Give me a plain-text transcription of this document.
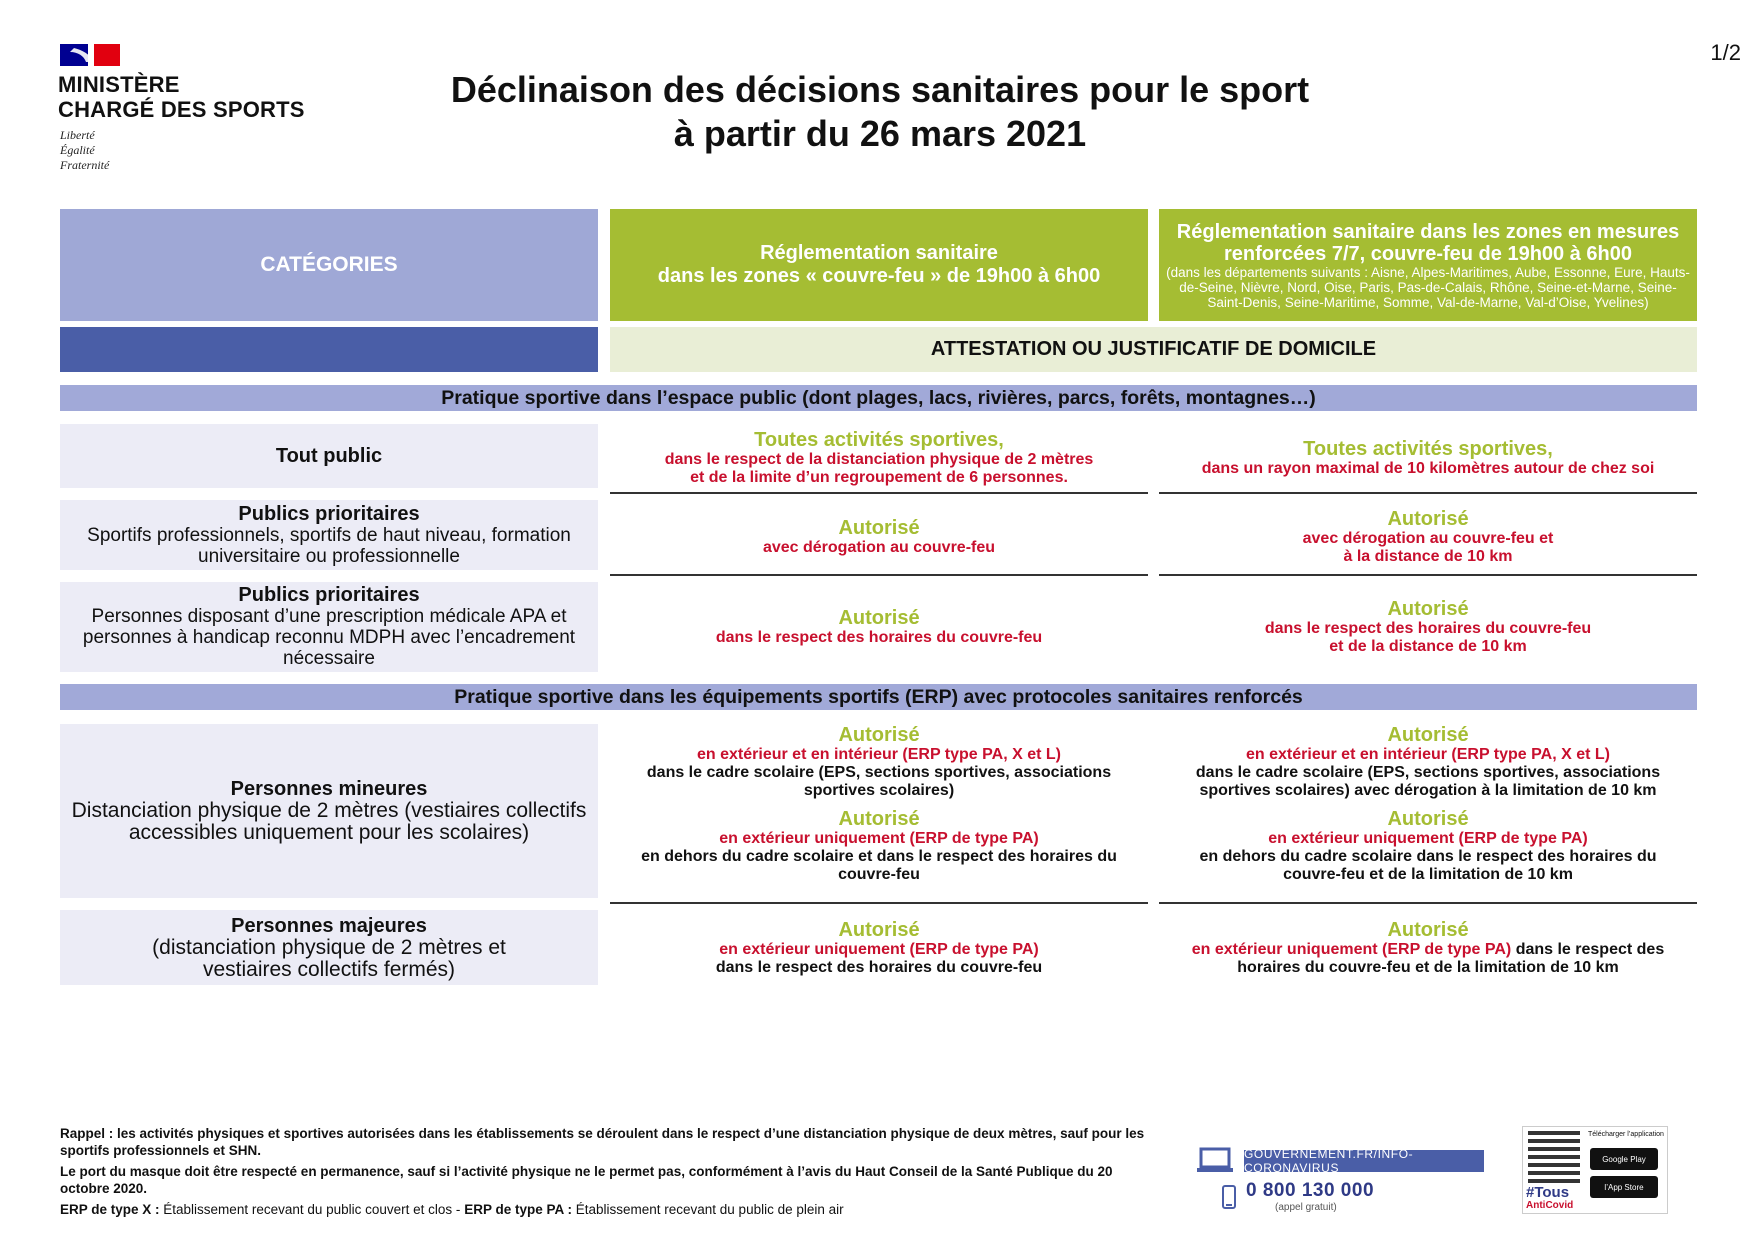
MINISTÈRE
CHARGÉ DES SPORTS
Liberté
Égalité
Fraternité
1/2
Déclinaison des décisions sanitaires pour le sport
à partir du 26 mars 2021
CATÉGORIES	Réglementation sanitaire
dans les zones « couvre-feu » de 19h00 à 6h00
Réglementation sanitaire dans les zones en mesures
renforcées 7/7, couvre-feu de 19h00 à 6h00
(dans les départements suivants : Aisne, Alpes-Maritimes, Aube, Essonne, Eure, Hauts-de-Seine, Nièvre, Nord, Oise, Paris, Pas-de-Calais, Rhône, Seine-et-Marne, Seine-Saint-Denis, Seine-Maritime, Somme, Val-de-Marne, Val-d’Oise, Yvelines)
ATTESTATION OU JUSTIFICATIF DE DOMICILE
Pratique sportive dans l’espace public (dont plages, lacs, rivières, parcs, forêts, montagnes…)
Tout public
Toutes activités sportives,
dans le respect de la distanciation physique de 2 mètres et de la limite d’un regroupement de 6 personnes.
Toutes activités sportives,
dans un rayon maximal de 10 kilomètres autour de chez soi
Publics prioritaires
Sportifs professionnels, sportifs de haut niveau, formation universitaire ou professionnelle
Autorisé
avec dérogation au couvre-feu
Autorisé
avec dérogation au couvre-feu et à la distance de 10 km
Publics prioritaires
Personnes disposant d’une prescription médicale APA et personnes à handicap reconnu MDPH avec l’encadrement nécessaire
Autorisé
dans le respect des horaires du couvre-feu
Autorisé
dans le respect des horaires du couvre-feu et de la distance de 10 km
Pratique sportive dans les équipements sportifs (ERP) avec protocoles sanitaires renforcés
Personnes mineures
Distanciation physique de 2 mètres (vestiaires collectifs accessibles uniquement pour les scolaires)
Autorisé
en extérieur et en intérieur (ERP type PA, X et L)
dans le cadre scolaire (EPS, sections sportives, associations sportives scolaires)
Autorisé
en extérieur uniquement (ERP de type PA)
en dehors du cadre scolaire et dans le respect des horaires du couvre-feu
Autorisé
en extérieur et en intérieur (ERP type PA, X et L)
dans le cadre scolaire (EPS, sections sportives, associations sportives scolaires) avec dérogation à la limitation de 10 km
Autorisé
en extérieur uniquement (ERP de type PA)
en dehors du cadre scolaire dans le respect des horaires du couvre-feu et de la limitation de 10 km
Personnes majeures
(distanciation physique de 2 mètres et vestiaires collectifs fermés)
Autorisé
en extérieur uniquement (ERP de type PA)
dans le respect des horaires du couvre-feu
Autorisé
en extérieur uniquement (ERP de type PA) dans le respect des horaires du couvre-feu et de la limitation de 10 km

Rappel : les activités physiques et sportives autorisées dans les établissements se déroulent dans le respect d’une distanciation physique de deux mètres, sauf pour les sportifs professionnels et SHN.

Le port du masque doit être respecté en permanence, sauf si l’activité physique ne le permet pas, conformément à l’avis du Haut Conseil de la Santé Publique du 20 octobre 2020.

ERP de type X : Établissement recevant du public couvert et clos - ERP de type PA : Établissement recevant du public de plein air

GOUVERNEMENT.FR/INFO-CORONAVIRUS
0 800 130 000
(appel gratuit)
#Tous
AntiCovid
Télécharger l’application
Google Play
l’App Store
